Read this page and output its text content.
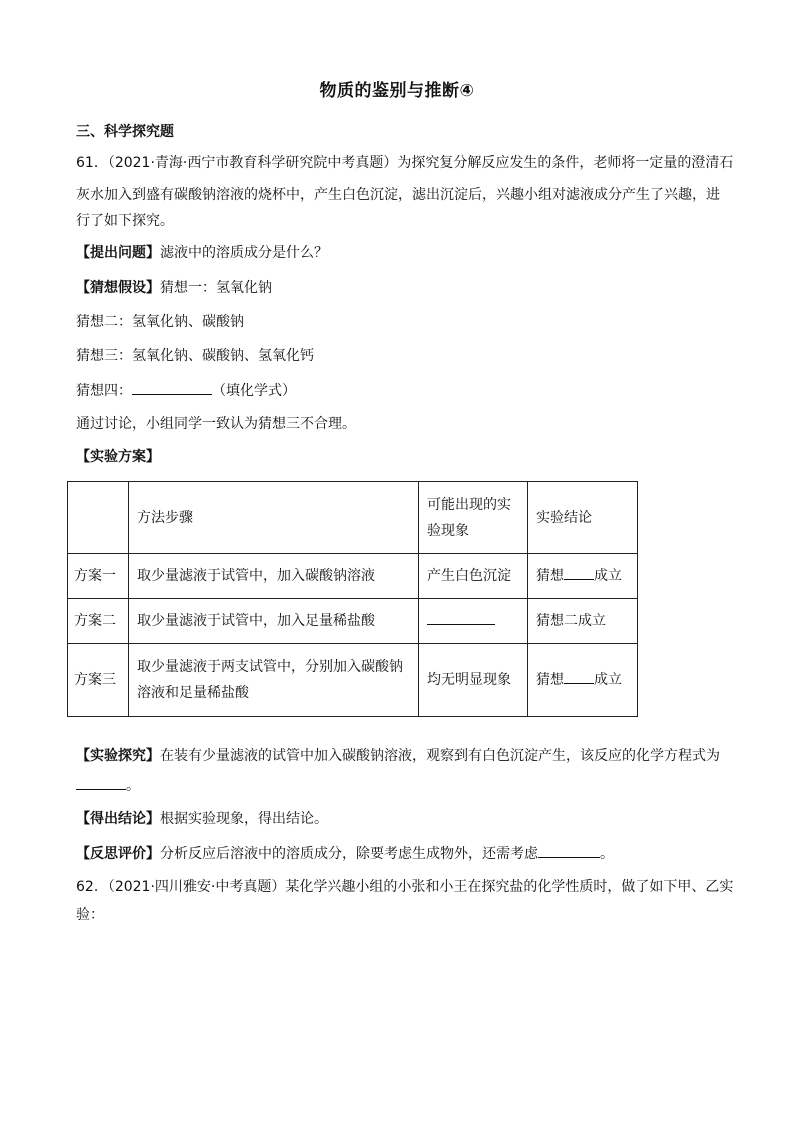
物质的鉴别与推断④
三、科学探究题
61．（2021·青海·西宁市教育科学研究院中考真题）为探究复分解反应发生的条件，老师将一定量的澄清石
灰水加入到盛有碳酸钠溶液的烧杯中，产生白色沉淀，滤出沉淀后，兴趣小组对滤液成分产生了兴趣，进
行了如下探究。
【提出问题】滤液中的溶质成分是什么？
【猜想假设】猜想一：氢氧化钠
猜想二：氢氧化钠、碳酸钠
猜想三：氢氧化钠、碳酸钠、氢氧化钙
猜想四：	（填化学式）
通过讨论，小组同学一致认为猜想三不合理。
【实验方案】
	方法步骤	可能出现的实验现象	实验结论
方案一	取少量滤液于试管中，加入碳酸钠溶液	产生白色沉淀	猜想 成立
方案二	取少量滤液于试管中，加入足量稀盐酸		猜想二成立
方案三	取少量滤液于两支试管中，分别加入碳酸钠溶液和足量稀盐酸	均无明显现象	猜想 成立
【实验探究】在装有少量滤液的试管中加入碳酸钠溶液，观察到有白色沉淀产生，该反应的化学方程式为
。
【得出结论】根据实验现象，得出结论。
【反思评价】分析反应后溶液中的溶质成分，除要考虑生成物外，还需考虑	。
62．（2021·四川雅安·中考真题）某化学兴趣小组的小张和小王在探究盐的化学性质时，做了如下甲、乙实
验：
